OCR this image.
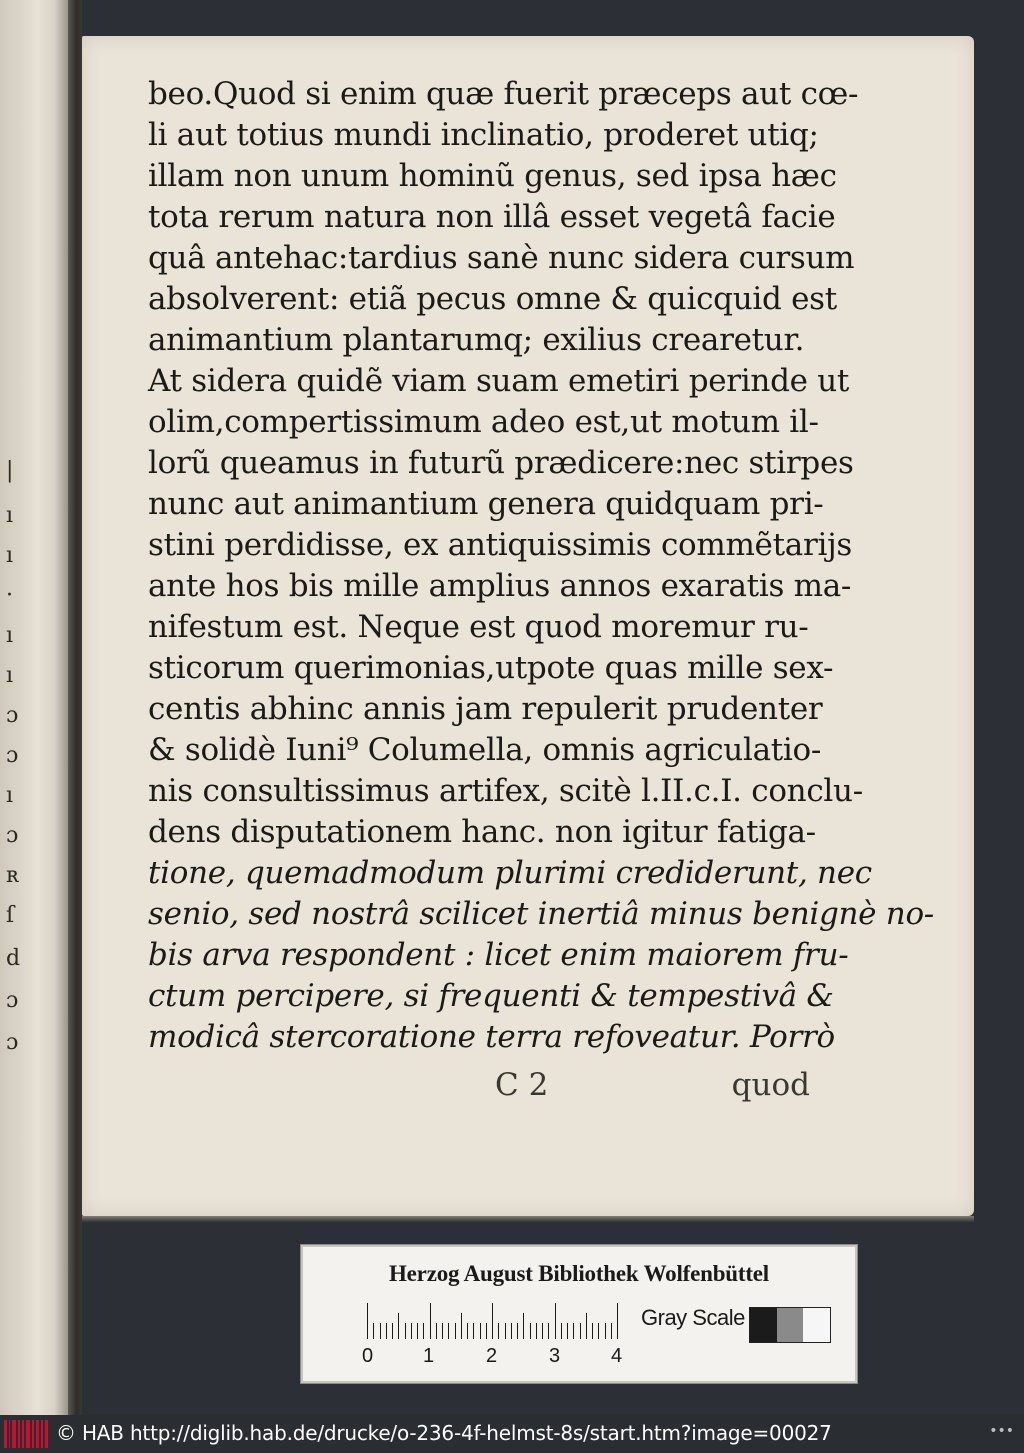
|
ı
ı
·
ı
ı
ɔ
ɔ
ı
ɔ
ʀ
ſ
d
ɔ
ɔ
beo.Quod si enim quæ fuerit præceps aut cœ-
li aut totius mundi inclinatio, proderet utiq;
illam non unum hominũ genus, sed ipsa hæc
tota rerum natura non illâ esset vegetâ facie
quâ antehac:tardius sanè nunc sidera cursum
absolverent: etiã pecus omne & quicquid est
animantium plantarumq; exilius crearetur.
At sidera quidẽ viam suam emetiri perinde ut
olim,compertissimum adeo est,ut motum il-
lorũ queamus in futurũ prædicere:nec stirpes
nunc aut animantium genera quidquam pri-
stini perdidisse, ex antiquissimis commẽtarijs
ante hos bis mille amplius annos exaratis ma-
nifestum est. Neque est quod moremur ru-
sticorum querimonias,utpote quas mille sex-
centis abhinc annis jam repulerit prudenter
& solidè Iuni⁹ Columella, omnis agriculatio-
nis consultissimus artifex, scitè l.II.c.I. conclu-
dens disputationem hanc. non igitur fatiga-
tione, quemadmodum plurimi crediderunt, nec
senio, sed nostrâ scilicet inertiâ minus benignè no-
bis arva respondent : licet enim maiorem fru-
ctum percipere, si frequenti & tempestivâ &
modicâ stercoratione terra refoveatur. Porrò
C 2	quod
Herzog August Bibliothek Wolfenbüttel
0 1	2	3	4
Gray Scale
© HAB http://diglib.hab.de/drucke/o-236-4f-helmst-8s/start.htm?image=00027	•••
